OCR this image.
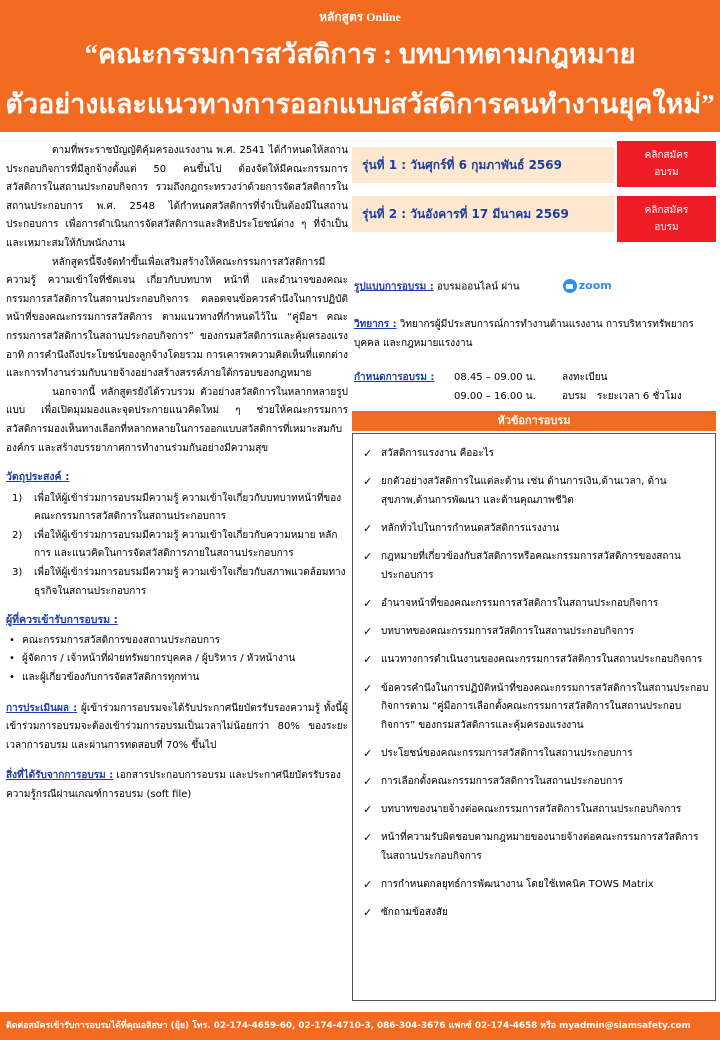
หลักสูตร Online
“คณะกรรมการสวัสดิการ : บทบาทตามกฎหมาย
ตัวอย่างและแนวทางการออกแบบสวัสดิการคนทำงานยุคใหม่”

ตามที่พระราชบัญญัติคุ้มครองแรงงาน พ.ศ. 2541 ได้กำหนดให้สถานประกอบกิจการที่มีลูกจ้างตั้งแต่ 50 คนขึ้นไป ต้องจัดให้มีคณะกรรมการสวัสดิการในสถานประกอบกิจการ รวมถึงกฎกระทรวงว่าด้วยการจัดสวัสดิการในสถานประกอบการ พ.ศ. 2548 ได้กำหนดสวัสดิการที่จำเป็นต้องมีในสถานประกอบการ เพื่อการดำเนินการจัดสวัสดิการและสิทธิประโยชน์ต่าง ๆ ที่จำเป็นและเหมาะสมให้กับพนักงาน

หลักสูตรนี้จึงจัดทำขึ้นเพื่อเสริมสร้างให้คณะกรรมการสวัสดิการมีความรู้ ความเข้าใจที่ชัดเจน เกี่ยวกับบทบาท หน้าที่ และอำนาจของคณะกรรมการสวัสดิการในสถานประกอบกิจการ ตลอดจนข้อควรคำนึงในการปฏิบัติหน้าที่ของคณะกรรมการสวัสดิการ ตามแนวทางที่กำหนดไว้ใน “คู่มือฯ คณะกรรมการสวัสดิการในสถานประกอบกิจการ” ของกรมสวัสดิการและคุ้มครองแรง อาทิ การคำนึงถึงประโยชน์ของลูกจ้างโดยรวม การเคารพความคิดเห็นที่แตกต่าง และการทำงานร่วมกับนายจ้างอย่างสร้างสรรค์ภายใต้กรอบของกฎหมาย

นอกจากนี้ หลักสูตรยังได้รวบรวม ตัวอย่างสวัสดิการในหลากหลายรูปแบบ เพื่อเปิดมุมมองและจุดประกายแนวคิดใหม่ ๆ ช่วยให้คณะกรรมการสวัสดิการมองเห็นทางเลือกที่หลากหลายในการออกแบบสวัสดิการที่เหมาะสมกับองค์กร และสร้างบรรยากาศการทำงานร่วมกันอย่างมีความสุข

วัตถุประสงค์ :
1) เพื่อให้ผู้เข้าร่วมการอบรมมีความรู้ ความเข้าใจเกี่ยวกับบทบาทหน้าที่ของคณะกรรมการสวัสดิการในสถานประกอบการ
2) เพื่อให้ผู้เข้าร่วมการอบรมมีความรู้ ความเข้าใจเกี่ยวกับความหมาย หลักการ และแนวคิดในการจัดสวัสดิการภายในสถานประกอบการ
3) เพื่อให้ผู้เข้าร่วมการอบรมมีความรู้ ความเข้าใจเกี่ยวกับสภาพแวดล้อมทางธุรกิจในสถานประกอบการ
ผู้ที่ควรเข้ารับการอบรม :
• คณะกรรมการสวัสดิการของสถานประกอบการ
• ผู้จัดการ / เจ้าหน้าที่ฝ่ายทรัพยากรบุคคล / ผู้บริหาร / หัวหน้างาน
• และผู้เกี่ยวข้องกับการจัดสวัสดิการทุกท่าน
การประเมินผล : ผู้เข้าร่วมการอบรมจะได้รับประกาศนียบัตรรับรองความรู้ ทั้งนี้ผู้เข้าร่วมการอบรมจะต้องเข้าร่วมการอบรมเป็นเวลาไม่น้อยกว่า 80% ของระยะเวลาการอบรม และผ่านการทดสอบที่ 70% ขึ้นไป
สิ่งที่ได้รับจากการอบรม : เอกสารประกอบการอบรม และประกาศนียบัตรรับรองความรู้กรณีผ่านเกณฑ์การอบรม (soft file)
รุ่นที่ 1 : วันศุกร์ที่ 6 กุมภาพันธ์ 2569
คลิกสมัคร
อบรม
รุ่นที่ 2 : วันอังคารที่ 17 มีนาคม 2569	คลิกสมัคร
อบรม
รูปแบบการอบรม : อบรมออนไลน์ ผ่าน	zoom
วิทยากร : วิทยากรผู้มีประสบการณ์การทำงานด้านแรงงาน การบริหารทรัพยากรบุคคล และกฎหมายแรงงาน
กำหนดการอบรม : 08.45 – 09.00 น.	ลงทะเบียน
09.00 – 16.00 น.	อบรม ระยะเวลา 6 ชั่วโมง
หัวข้อการอบรม
✓ สวัสดิการแรงงาน คืออะไร
✓ ยกตัวอย่างสวัสดิการในแต่ละด้าน เช่น ด้านการเงิน,ด้านเวลา, ด้านสุขภาพ,ด้านการพัฒนา และด้านคุณภาพชีวิต
✓ หลักทั่วไปในการกำหนดสวัสดิการแรงงาน
✓ กฎหมายที่เกี่ยวข้องกับสวัสดิการหรือคณะกรรมการสวัสดิการของสถานประกอบการ
✓ อำนาจหน้าที่ของคณะกรรมการสวัสดิการในสถานประกอบกิจการ
✓ บทบาทของคณะกรรมการสวัสดิการในสถานประกอบกิจการ
✓ แนวทางการดำเนินงานของคณะกรรมการสวัสดิการในสถานประกอบกิจการ
✓ ข้อควรคำนึงในการปฏิบัติหน้าที่ของคณะกรรมการสวัสดิการในสถานประกอบกิจการตาม “คู่มือการเลือกตั้งคณะกรรมการสวัสดิการในสถานประกอบกิจการ” ของกรมสวัสดิการและคุ้มครองแรงงาน
✓ ประโยชน์ของคณะกรรมการสวัสดิการในสถานประกอบการ
✓ การเลือกตั้งคณะกรรมการสวัสดิการในสถานประกอบการ
✓ บทบาทของนายจ้างต่อคณะกรรมการสวัสดิการในสถานประกอบกิจการ
✓ หน้าที่ความรับผิดชอบตามกฎหมายของนายจ้างต่อคณะกรรมการสวัสดิการในสถานประกอบกิจการ
✓ การกำหนดกลยุทธ์การพัฒนางาน โดยใช้เทคนิค TOWS Matrix
✓ ซักถามข้อสงสัย
ติดต่อสมัครเข้ารับการอบรมได้ที่คุณอลิสษา (ยุ้ย) โทร. 02-174-4659-60, 02-174-4710-3, 086-304-3676 แฟกซ์ 02-174-4658 หรือ myadmin@siamsafety.com
